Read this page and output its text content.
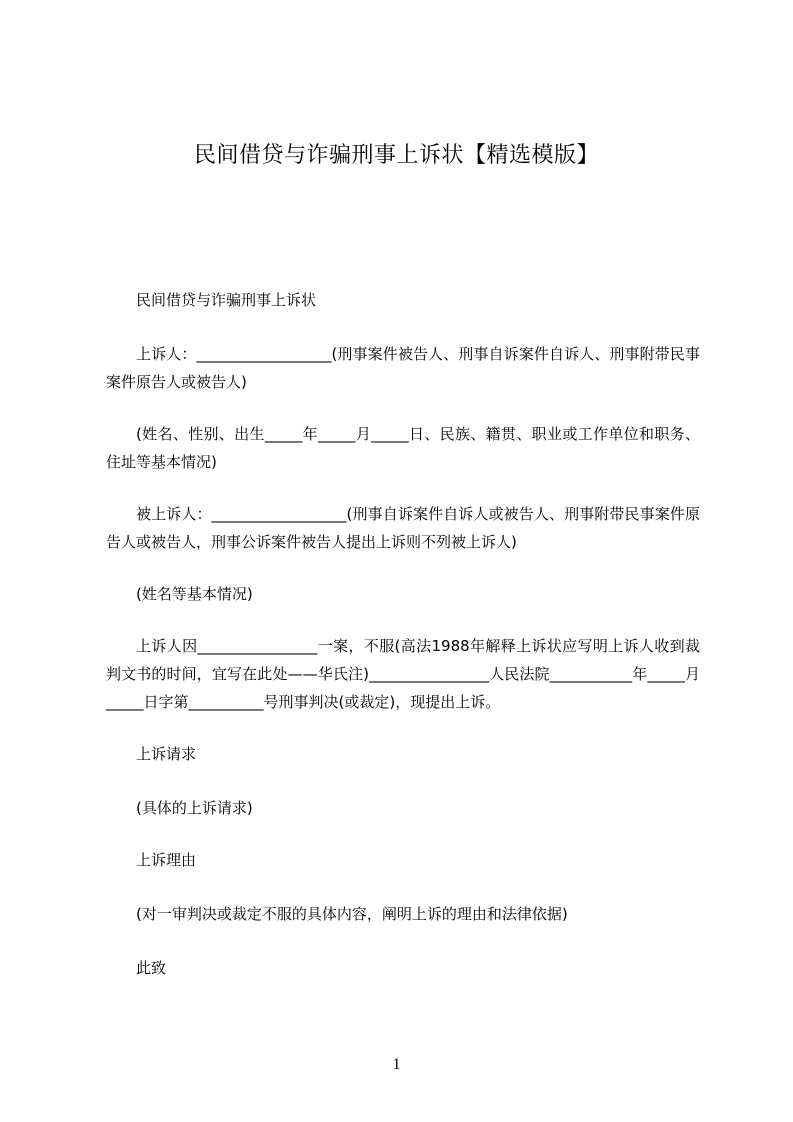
民间借贷与诈骗刑事上诉状【精选模版】

民间借贷与诈骗刑事上诉状

上诉人：__________________(刑事案件被告人、刑事自诉案件自诉人、刑事附带民事案件原告人或被告人)

(姓名、性别、出生_____年_____月_____日、民族、籍贯、职业或工作单位和职务、住址等基本情况)

被上诉人：__________________(刑事自诉案件自诉人或被告人、刑事附带民事案件原告人或被告人，刑事公诉案件被告人提出上诉则不列被上诉人)

(姓名等基本情况)

上诉人因________________一案，不服(高法1988年解释上诉状应写明上诉人收到裁判文书的时间，宜写在此处——华氏注)________________人民法院___________年_____月_____日字第__________号刑事判决(或裁定)，现提出上诉。

上诉请求

(具体的上诉请求)

上诉理由

(对一审判决或裁定不服的具体内容，阐明上诉的理由和法律依据)

此致

1
